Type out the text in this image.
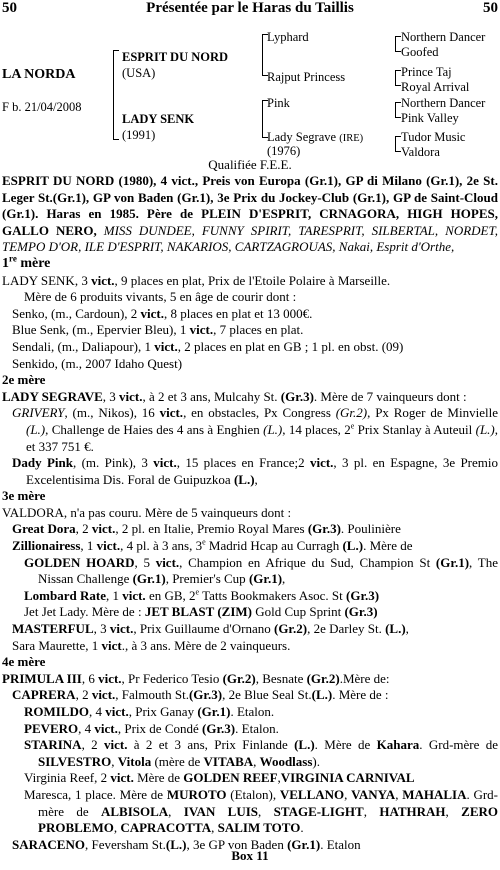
50	Présentée par le Haras du Taillis	50
LA NORDA
F b. 21/04/2008
ESPRIT DU NORD
(USA)
LADY SENK
(1991)
Lyphard
Rajput Princess
Pink
Lady Segrave (IRE)
(1976)
Northern Dancer
Goofed
Prince Taj
Royal Arrival
Northern Dancer
Pink Valley
Tudor Music
Valdora
Qualifiée F.E.E.

ESPRIT DU NORD (1980), 4 vict., Preis von Europa (Gr.1), GP di Milano (Gr.1), 2e St. Leger St.(Gr.1), GP von Baden (Gr.1), 3e Prix du Jockey-Club (Gr.1), GP de Saint-Cloud (Gr.1). Haras en 1985. Père de PLEIN D'ESPRIT, CRNAGORA, HIGH HOPES, GALLO NERO, MISS DUNDEE, FUNNY SPIRIT, TARESPRIT, SILBERTAL, NORDET, TEMPO D'OR, ILE D'ESPRIT, NAKARIOS, CARTZAGROUAS, Nakai, Esprit d'Orthe,

1re mère

LADY SENK, 3 vict., 9 places en plat, Prix de l'Etoile Polaire à Marseille.

Mère de 6 produits vivants, 5 en âge de courir dont :

Senko, (m., Cardoun), 2 vict., 8 places en plat et 13 000€.

Blue Senk, (m., Epervier Bleu), 1 vict., 7 places en plat.

Sendali, (m., Daliapour), 1 vict., 2 places en plat en GB ; 1 pl. en obst. (09)

Senkido, (m., 2007 Idaho Quest)

2e mère

LADY SEGRAVE, 3 vict., à 2 et 3 ans, Mulcahy St. (Gr.3). Mère de 7 vainqueurs dont :

GRIVERY, (m., Nikos), 16 vict., en obstacles, Px Congress (Gr.2), Px Roger de Minvielle (L.), Challenge de Haies des 4 ans à Enghien (L.), 14 places, 2e Prix Stanlay à Auteuil (L.), et 337 751 €.

Dady Pink, (m. Pink), 3 vict., 15 places en France;2 vict., 3 pl. en Espagne, 3e Premio Excelentisima Dis. Foral de Guipuzkoa (L.),

3e mère

VALDORA, n'a pas couru. Mère de 5 vainqueurs dont :

Great Dora, 2 vict., 2 pl. en Italie, Premio Royal Mares (Gr.3). Poulinière

Zillionairess, 1 vict., 4 pl. à 3 ans, 3e Madrid Hcap au Curragh (L.). Mère de

GOLDEN HOARD, 5 vict., Champion en Afrique du Sud, Champion St (Gr.1), The Nissan Challenge (Gr.1), Premier's Cup (Gr.1),

Lombard Rate, 1 vict. en GB, 2e Tatts Bookmakers Asoc. St (Gr.3)

Jet Jet Lady. Mère de : JET BLAST (ZIM) Gold Cup Sprint (Gr.3)

MASTERFUL, 3 vict., Prix Guillaume d'Ornano (Gr.2), 2e Darley St. (L.),

Sara Maurette, 1 vict., à 3 ans. Mère de 2 vainqueurs.

4e mère

PRIMULA III, 6 vict., Pr Federico Tesio (Gr.2), Besnate (Gr.2).Mère de:

CAPRERA, 2 vict., Falmouth St.(Gr.3), 2e Blue Seal St.(L.). Mère de :

ROMILDO, 4 vict., Prix Ganay (Gr.1). Etalon.

PEVERO, 4 vict., Prix de Condé (Gr.3). Etalon.

STARINA, 2 vict. à 2 et 3 ans, Prix Finlande (L.). Mère de Kahara. Grd-mère de SILVESTRO, Vitola (mère de VITABA, Woodlass).

Virginia Reef, 2 vict. Mère de GOLDEN REEF,VIRGINIA CARNIVAL

Maresca, 1 place. Mère de MUROTO (Etalon), VELLANO, VANYA, MAHALIA. Grd-mère de ALBISOLA, IVAN LUIS, STAGE-LIGHT, HATHRAH, ZERO PROBLEMO, CAPRACOTTA, SALIM TOTO.

SARACENO, Feversham St.(L.), 3e GP von Baden (Gr.1). Etalon

Box 11
